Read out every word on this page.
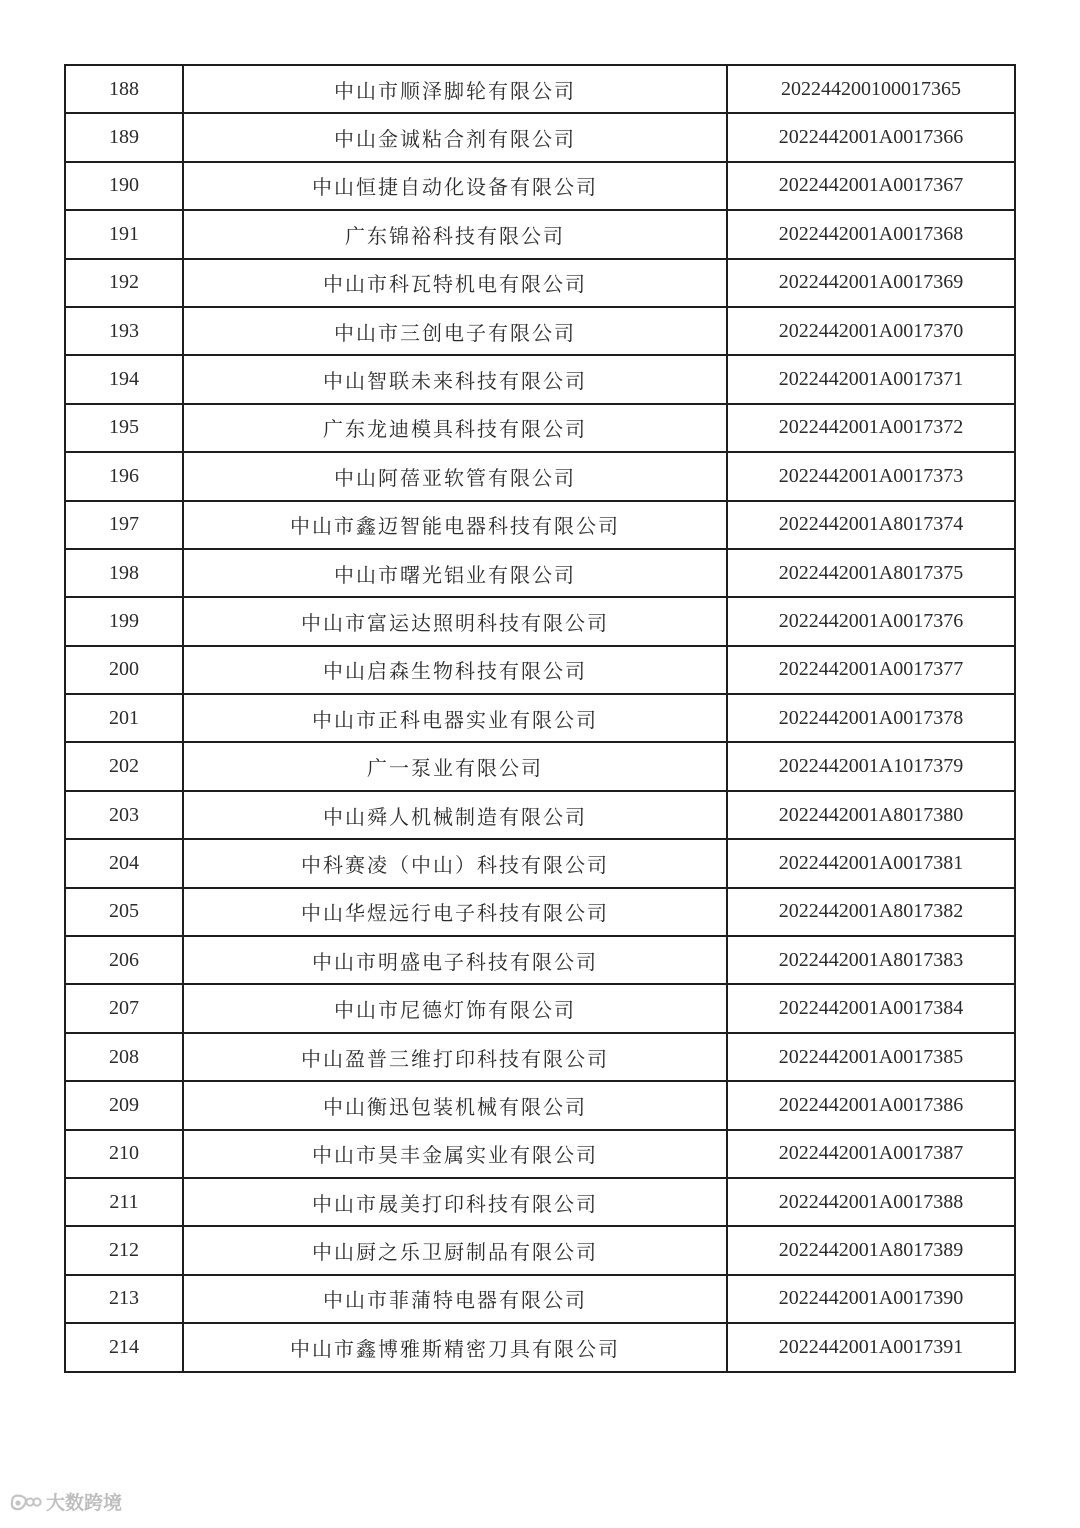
188	中山市顺泽脚轮有限公司	202244200100017365
189	中山金诚粘合剂有限公司	2022442001A0017366
190	中山恒捷自动化设备有限公司	2022442001A0017367
191	广东锦裕科技有限公司	2022442001A0017368
192	中山市科瓦特机电有限公司	2022442001A0017369
193	中山市三创电子有限公司	2022442001A0017370
194	中山智联未来科技有限公司	2022442001A0017371
195	广东龙迪模具科技有限公司	2022442001A0017372
196	中山阿蓓亚软管有限公司	2022442001A0017373
197	中山市鑫迈智能电器科技有限公司	2022442001A8017374
198	中山市曙光铝业有限公司	2022442001A8017375
199	中山市富运达照明科技有限公司	2022442001A0017376
200	中山启森生物科技有限公司	2022442001A0017377
201	中山市正科电器实业有限公司	2022442001A0017378
202	广一泵业有限公司	2022442001A1017379
203	中山舜人机械制造有限公司	2022442001A8017380
204	中科赛凌（中山）科技有限公司	2022442001A0017381
205	中山华煜远行电子科技有限公司	2022442001A8017382
206	中山市明盛电子科技有限公司	2022442001A8017383
207	中山市尼德灯饰有限公司	2022442001A0017384
208	中山盈普三维打印科技有限公司	2022442001A0017385
209	中山衡迅包装机械有限公司	2022442001A0017386
210	中山市昊丰金属实业有限公司	2022442001A0017387
211	中山市晟美打印科技有限公司	2022442001A0017388
212	中山厨之乐卫厨制品有限公司	2022442001A8017389
213	中山市菲蒲特电器有限公司	2022442001A0017390
214	中山市鑫博雅斯精密刀具有限公司	2022442001A0017391
大数跨境
